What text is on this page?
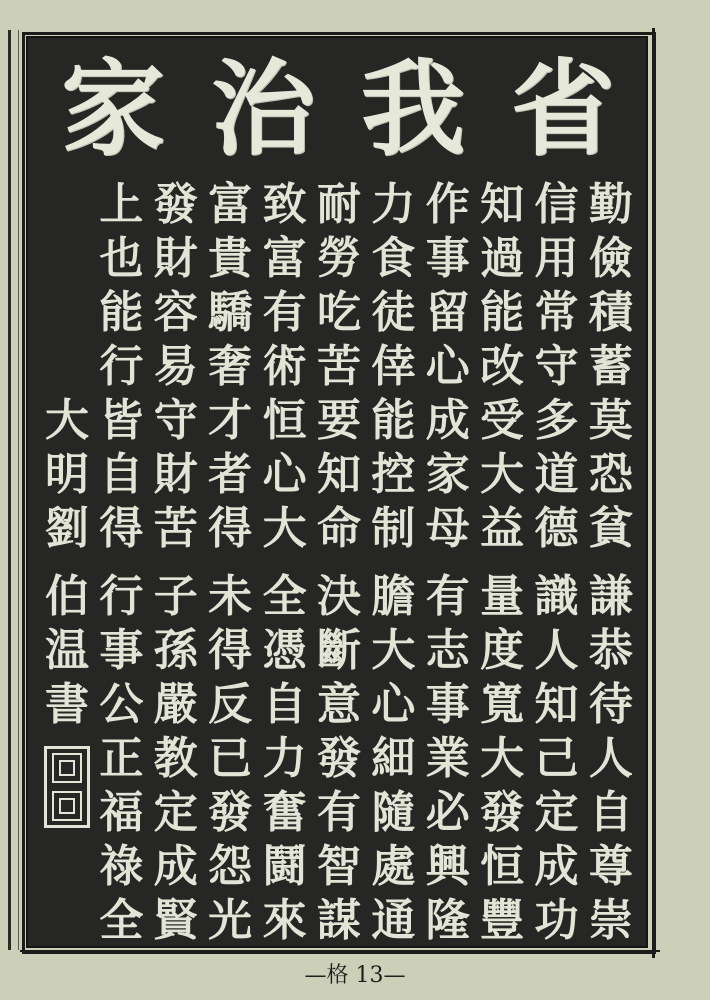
省
我
治
家
勤
儉
積
蓄
莫
恐
貧
謙
恭
待
人
自
尊
崇
信
用
常
守
多
道
德
識
人
知
己
定
成
功
知
過
能
改
受
大
益
量
度
寬
大
發
恒
豐
作
事
留
心
成
家
母
有
志
事
業
必
興
隆
力
食
徒
倖
能
控
制
膽
大
心
細
隨
處
通
耐
勞
吃
苦
要
知
命
決
斷
意
發
有
智
謀
致
富
有
術
恒
心
大
全
憑
自
力
奮
鬪
來
富
貴
驕
奢
才
者
得
未
得
反
已
發
怨
光
發
財
容
易
守
財
苦
子
孫
嚴
教
定
成
賢
上
也
能
行
皆
自
得
行
事
公
正
福
祿
全
大
明
劉
伯
温
書
—格 13—
